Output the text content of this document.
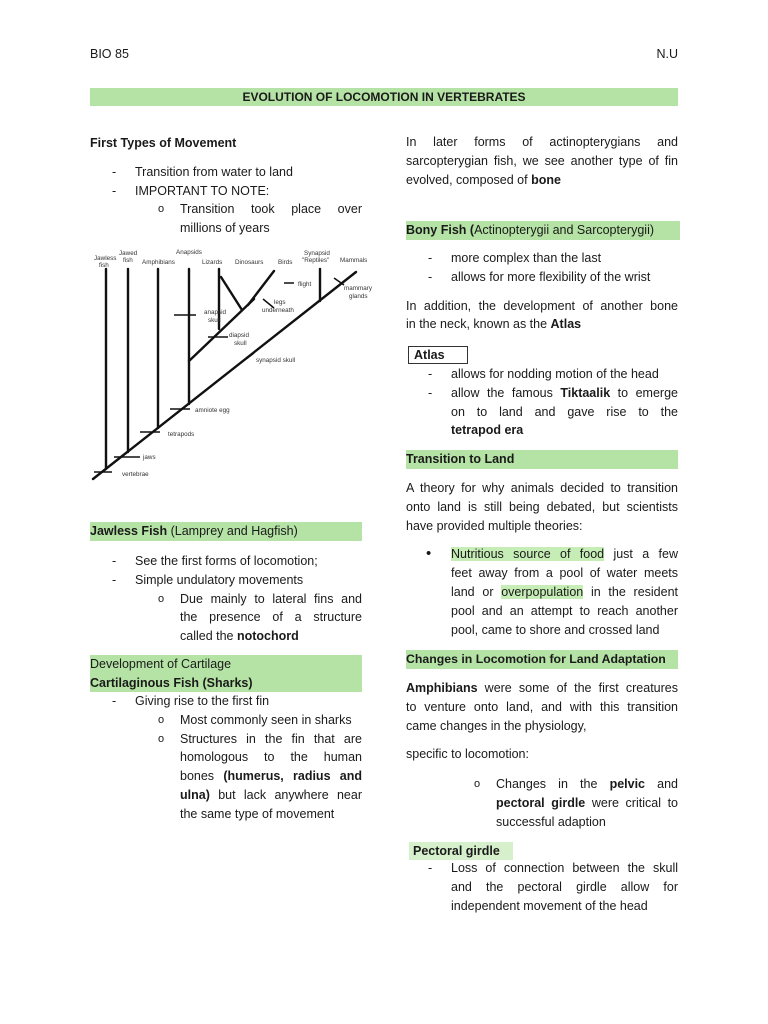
BIO 85	N.U
EVOLUTION OF LOCOMOTION IN VERTEBRATES
First Types of Movement
- Transition from water to land
- IMPORTANT TO NOTE:
o Transition took place over
millions of years
Jawless
fish
Jawed
fish Amphibians
Anapsids
Lizards Dinosaurs Birds
Synapsid
"Reptiles" Mammals
vertebrae
jaws
tetrapods
amniote egg
synapsid skull
anapsid
skull
diapsid
skull
legs
underneath
flight
mammary
glands
Jawless Fish (Lamprey and Hagfish)
- See the first forms of locomotion;
- Simple undulatory movements
o Due mainly to lateral fins and
the presence of a structure
called the notochord
Development of Cartilage
Cartilaginous Fish (Sharks)
- Giving rise to the first fin
o Most commonly seen in sharks
o Structures in the fin that are
homologous to the human
bones (humerus, radius and
ulna) but lack anywhere near
the same type of movement
In later forms of actinopterygians and
sarcopterygian fish, we see another type of fin
evolved, composed of bone
Bony Fish (Actinopterygii and Sarcopterygii)
- more complex than the last
- allows for more flexibility of the wrist
In addition, the development of another bone
in the neck, known as the Atlas
Atlas
- allows for nodding motion of the head
- allow the famous Tiktaalik to emerge
on to land and gave rise to the
tetrapod era
Transition to Land
A theory for why animals decided to transition
onto land is still being debated, but scientists
have provided multiple theories:
• Nutritious source of food just a few
feet away from a pool of water meets
land or overpopulation in the resident
pool and an attempt to reach another
pool, came to shore and crossed land
Changes in Locomotion for Land Adaptation
Amphibians were some of the first creatures
to venture onto land, and with this transition
came changes in the physiology,
specific to locomotion:
o Changes in the pelvic and
pectoral girdle were critical to
successful adaption
Pectoral girdle
- Loss of connection between the skull
and the pectoral girdle allow for
independent movement of the head
